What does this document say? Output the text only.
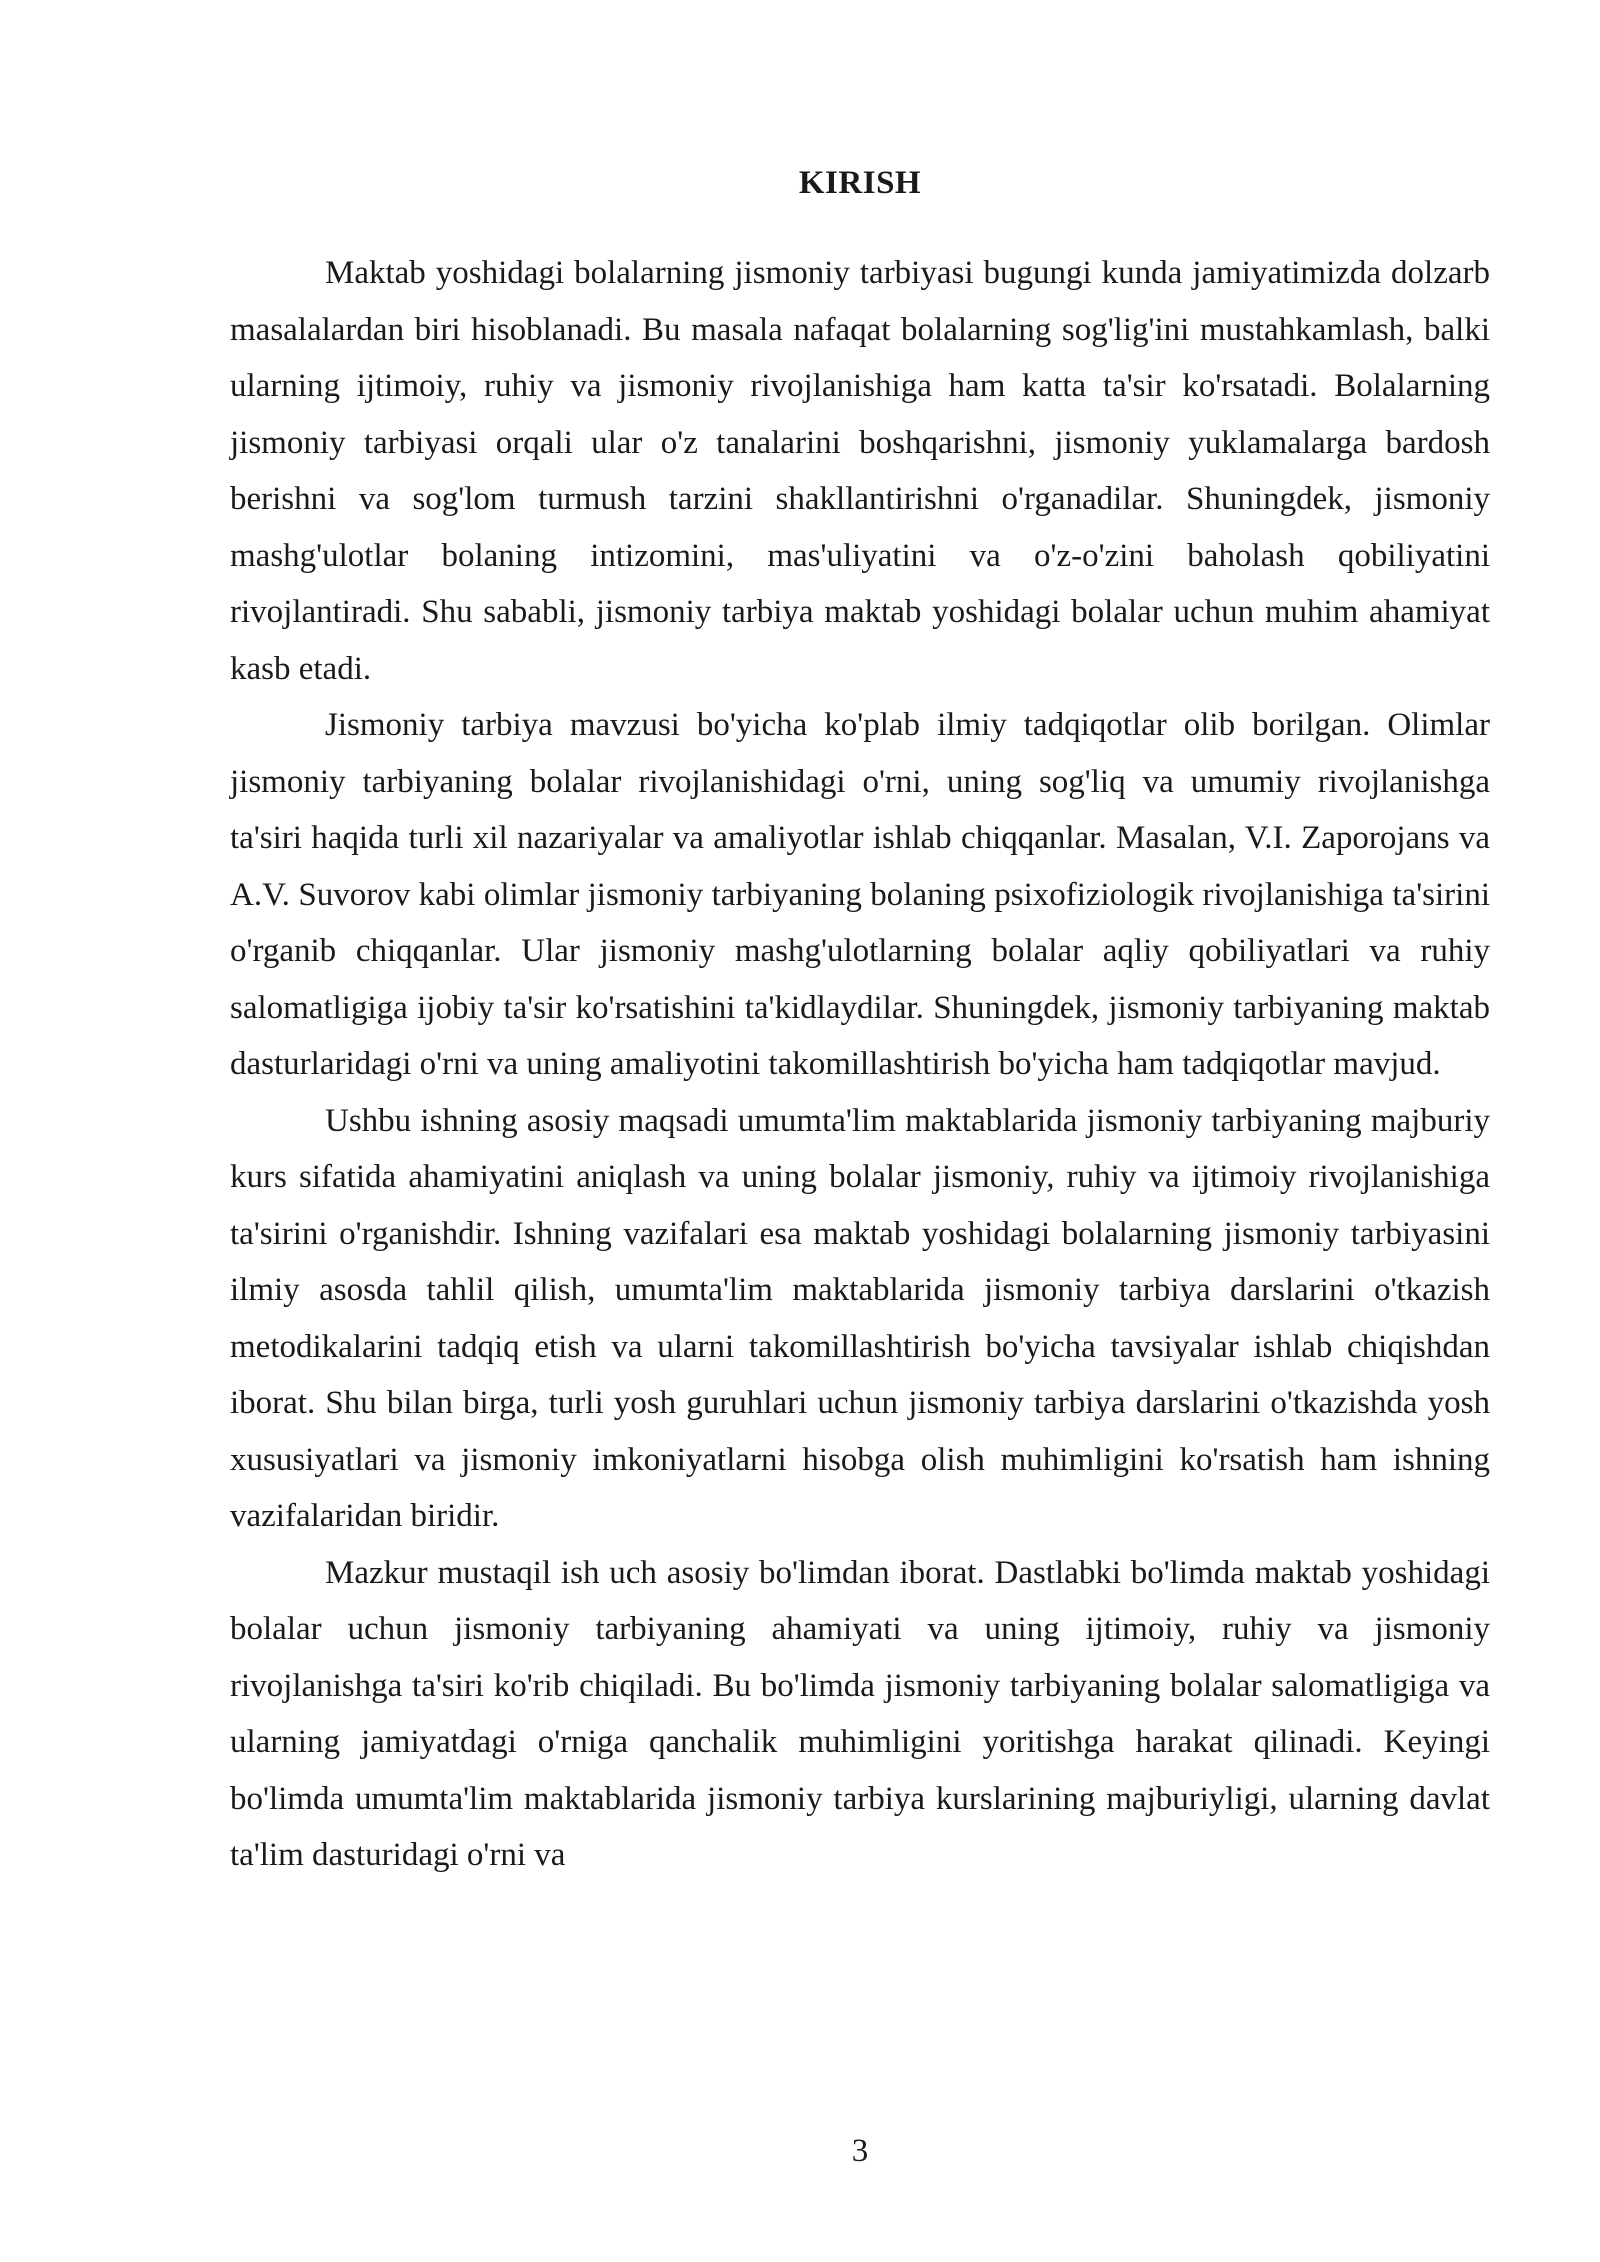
KIRISH

Maktab yoshidagi bolalarning jismoniy tarbiyasi bugungi kunda jamiyatimizda dolzarb masalalardan biri hisoblanadi. Bu masala nafaqat bolalarning sog'lig'ini mustahkamlash, balki ularning ijtimoiy, ruhiy va jismoniy rivojlanishiga ham katta ta'sir ko'rsatadi. Bolalarning jismoniy tarbiyasi orqali ular o'z tanalarini boshqarishni, jismoniy yuklamalarga bardosh berishni va sog'lom turmush tarzini shakllantirishni o'rganadilar. Shuningdek, jismoniy mashg'ulotlar bolaning intizomini, mas'uliyatini va o'z-o'zini baholash qobiliyatini rivojlantiradi. Shu sababli, jismoniy tarbiya maktab yoshidagi bolalar uchun muhim ahamiyat kasb etadi.

Jismoniy tarbiya mavzusi bo'yicha ko'plab ilmiy tadqiqotlar olib borilgan. Olimlar jismoniy tarbiyaning bolalar rivojlanishidagi o'rni, uning sog'liq va umumiy rivojlanishga ta'siri haqida turli xil nazariyalar va amaliyotlar ishlab chiqqanlar. Masalan, V.I. Zaporojans va A.V. Suvorov kabi olimlar jismoniy tarbiyaning bolaning psixofiziologik rivojlanishiga ta'sirini o'rganib chiqqanlar. Ular jismoniy mashg'ulotlarning bolalar aqliy qobiliyatlari va ruhiy salomatligiga ijobiy ta'sir ko'rsatishini ta'kidlaydilar. Shuningdek, jismoniy tarbiyaning maktab dasturlaridagi o'rni va uning amaliyotini takomillashtirish bo'yicha ham tadqiqotlar mavjud.

Ushbu ishning asosiy maqsadi umumta'lim maktablarida jismoniy tarbiyaning majburiy kurs sifatida ahamiyatini aniqlash va uning bolalar jismoniy, ruhiy va ijtimoiy rivojlanishiga ta'sirini o'rganishdir. Ishning vazifalari esa maktab yoshidagi bolalarning jismoniy tarbiyasini ilmiy asosda tahlil qilish, umumta'lim maktablarida jismoniy tarbiya darslarini o'tkazish metodikalarini tadqiq etish va ularni takomillashtirish bo'yicha tavsiyalar ishlab chiqishdan iborat. Shu bilan birga, turli yosh guruhlari uchun jismoniy tarbiya darslarini o'tkazishda yosh xususiyatlari va jismoniy imkoniyatlarni hisobga olish muhimligini ko'rsatish ham ishning vazifalaridan biridir.

Mazkur mustaqil ish uch asosiy bo'limdan iborat. Dastlabki bo'limda maktab yoshidagi bolalar uchun jismoniy tarbiyaning ahamiyati va uning ijtimoiy, ruhiy va jismoniy rivojlanishga ta'siri ko'rib chiqiladi. Bu bo'limda jismoniy tarbiyaning bolalar salomatligiga va ularning jamiyatdagi o'rniga qanchalik muhimligini yoritishga harakat qilinadi. Keyingi bo'limda umumta'lim maktablarida jismoniy tarbiya kurslarining majburiyligi, ularning davlat ta'lim dasturidagi o'rni va

3
